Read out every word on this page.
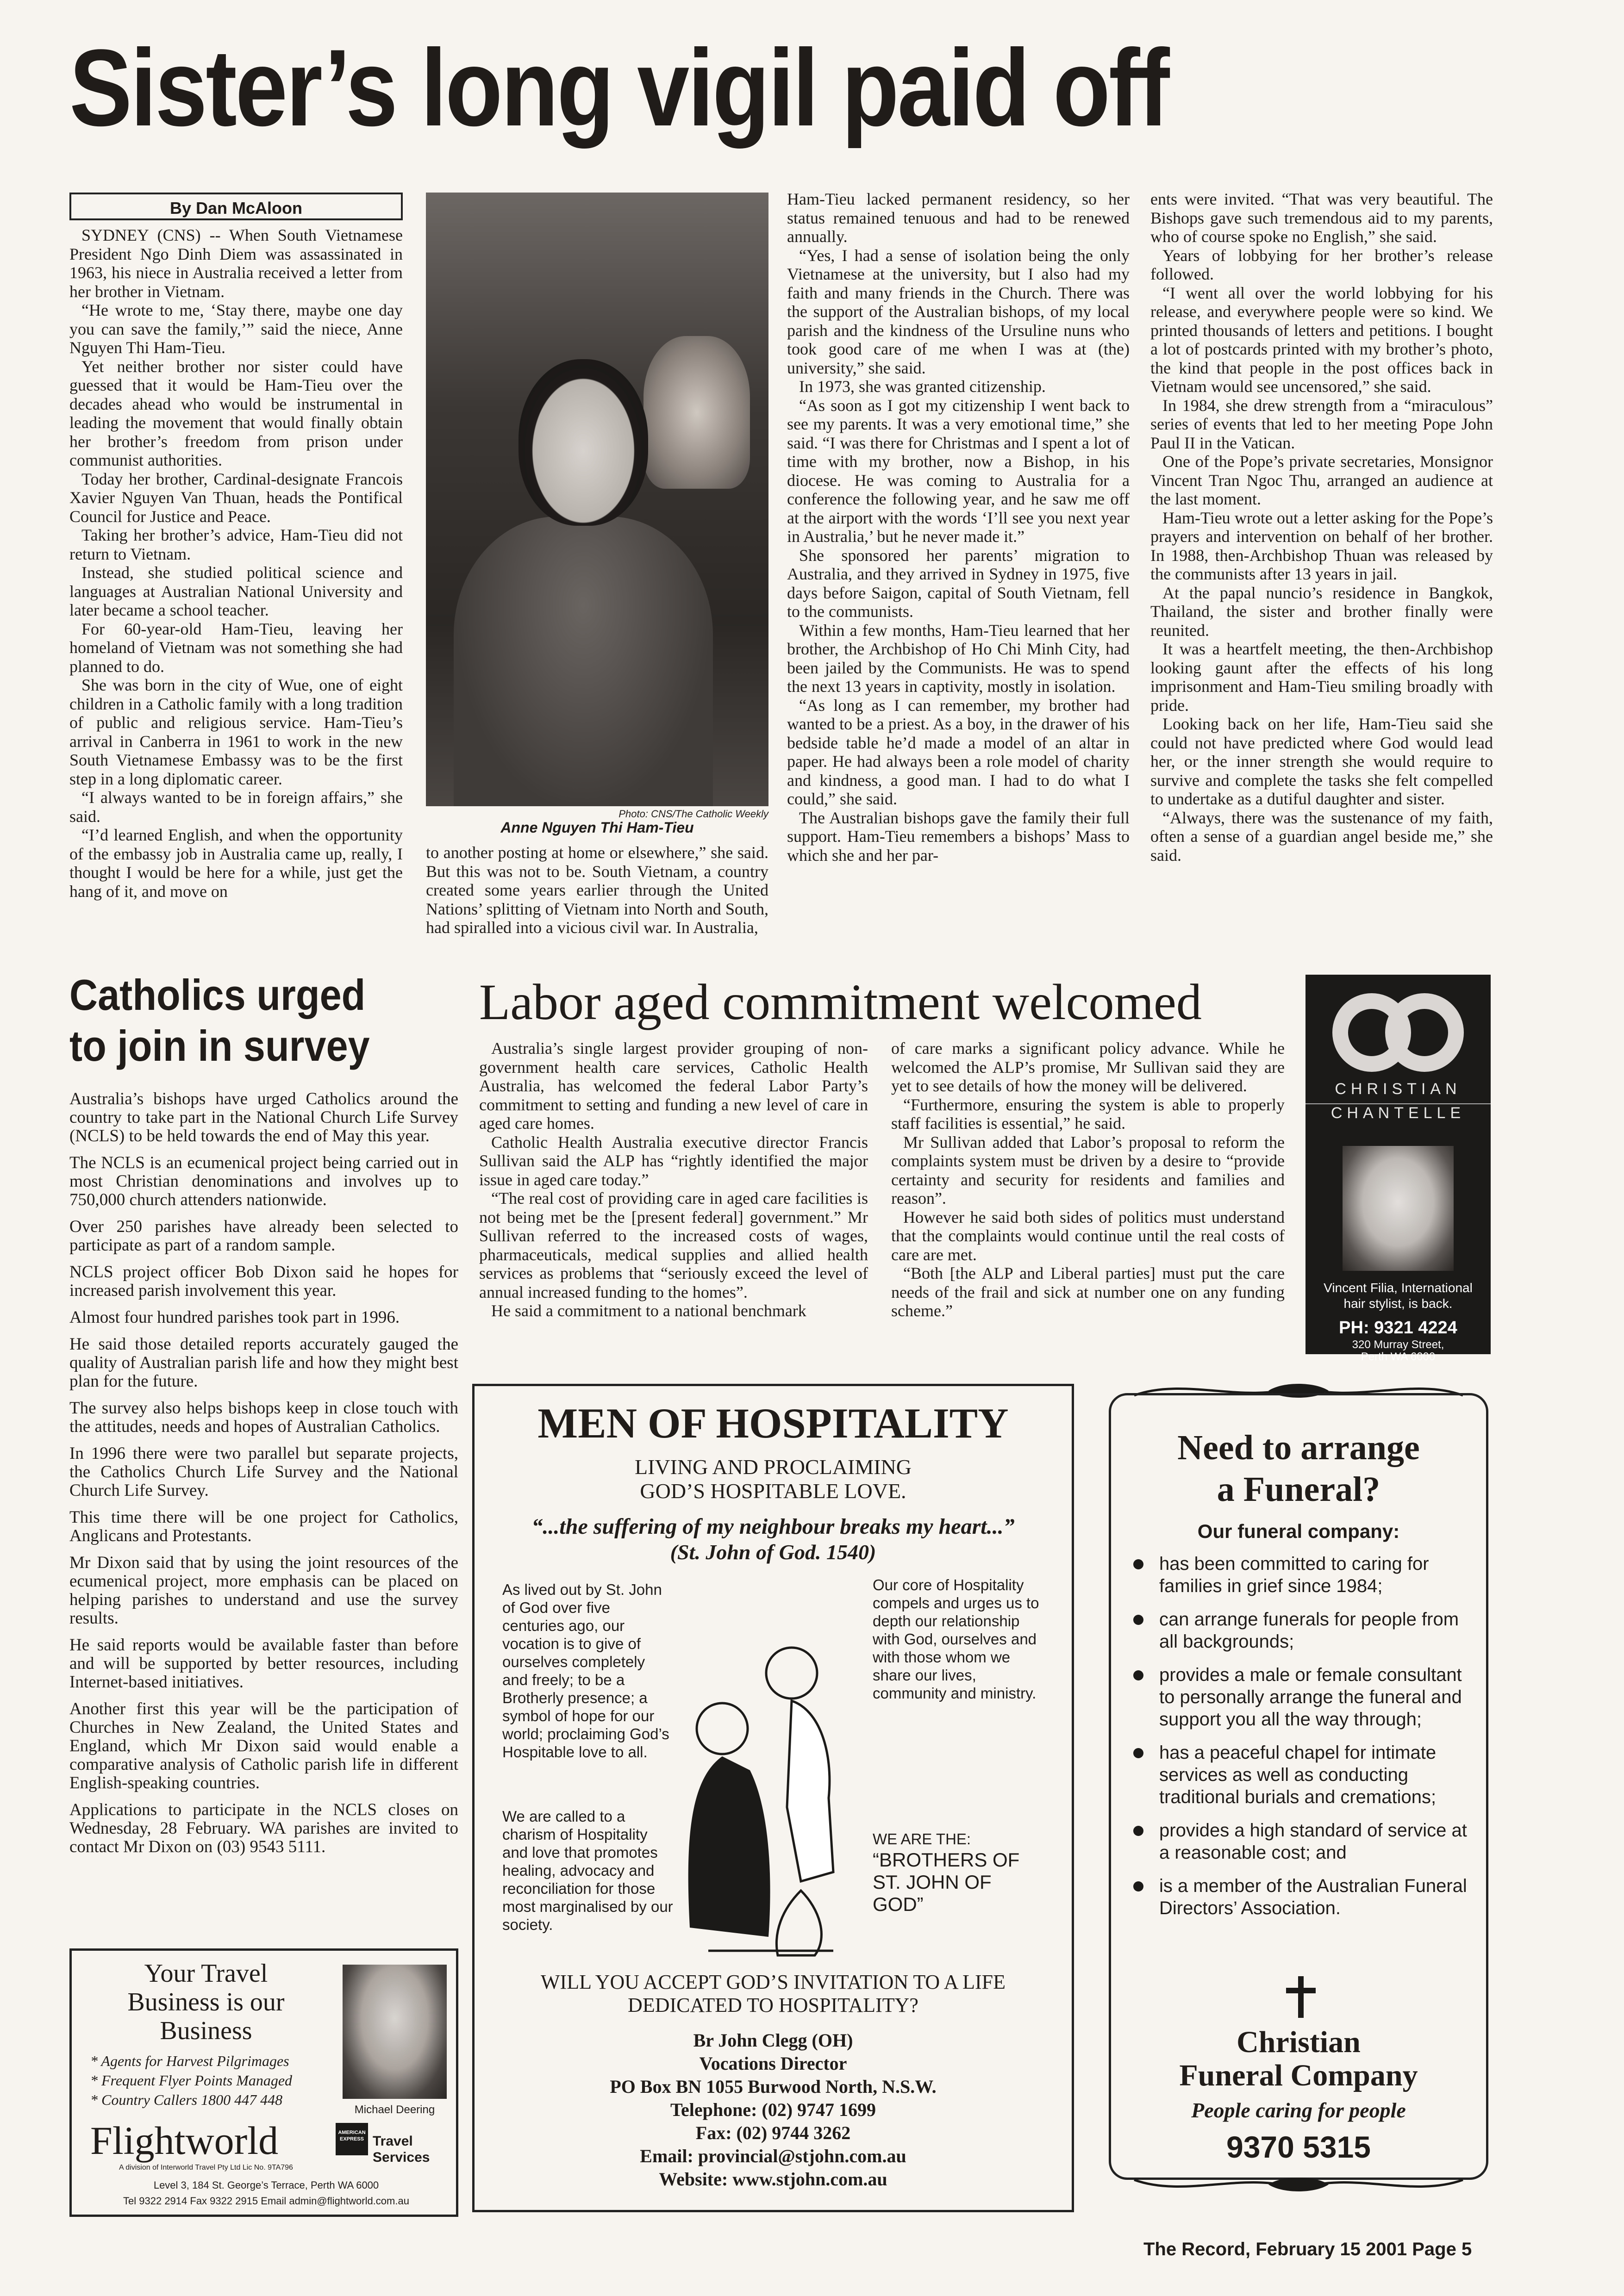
Sister’s long vigil paid off
By Dan McAloon

SYDNEY (CNS) -- When South Vietnamese President Ngo Dinh Diem was assassinated in 1963, his niece in Australia received a letter from her brother in Vietnam.

“He wrote to me, ‘Stay there, maybe one day you can save the family,’” said the niece, Anne Nguyen Thi Ham-Tieu.

Yet neither brother nor sister could have guessed that it would be Ham-Tieu over the decades ahead who would be instrumental in leading the movement that would finally obtain her brother’s freedom from prison under communist authorities.

Today her brother, Cardinal-designate Francois Xavier Nguyen Van Thuan, heads the Pontifical Council for Justice and Peace.

Taking her brother’s advice, Ham-Tieu did not return to Vietnam.

Instead, she studied political science and languages at Australian National University and later became a school teacher.

For 60-year-old Ham-Tieu, leaving her homeland of Vietnam was not something she had planned to do.

She was born in the city of Wue, one of eight children in a Catholic family with a long tradition of public and religious service. Ham-Tieu’s arrival in Canberra in 1961 to work in the new South Vietnamese Embassy was to be the first step in a long diplomatic career.

“I always wanted to be in foreign affairs,” she said.

“I’d learned English, and when the opportunity of the embassy job in Australia came up, really, I thought I would be here for a while, just get the hang of it, and move on

Photo: CNS/The Catholic Weekly
Anne Nguyen Thi Ham-Tieu

to another posting at home or elsewhere,” she said. But this was not to be. South Vietnam, a country created some years earlier through the United Nations’ splitting of Vietnam into North and South, had spiralled into a vicious civil war. In Australia,

Ham-Tieu lacked permanent residency, so her status remained tenuous and had to be renewed annually.

“Yes, I had a sense of isolation being the only Vietnamese at the university, but I also had my faith and many friends in the Church. There was the support of the Australian bishops, of my local parish and the kindness of the Ursuline nuns who took good care of me when I was at (the) university,” she said.

In 1973, she was granted citizenship.

“As soon as I got my citizenship I went back to see my parents. It was a very emotional time,” she said. “I was there for Christmas and I spent a lot of time with my brother, now a Bishop, in his diocese. He was coming to Australia for a conference the following year, and he saw me off at the airport with the words ‘I’ll see you next year in Australia,’ but he never made it.”

She sponsored her parents’ migration to Australia, and they arrived in Sydney in 1975, five days before Saigon, capital of South Vietnam, fell to the communists.

Within a few months, Ham-Tieu learned that her brother, the Archbishop of Ho Chi Minh City, had been jailed by the Communists. He was to spend the next 13 years in captivity, mostly in isolation.

“As long as I can remember, my brother had wanted to be a priest. As a boy, in the drawer of his bedside table he’d made a model of an altar in paper. He had always been a role model of charity and kindness, a good man. I had to do what I could,” she said.

The Australian bishops gave the family their full support. Ham-Tieu remembers a bishops’ Mass to which she and her par-

ents were invited. “That was very beautiful. The Bishops gave such tremendous aid to my parents, who of course spoke no English,” she said.

Years of lobbying for her brother’s release followed.

“I went all over the world lobbying for his release, and everywhere people were so kind. We printed thousands of letters and petitions. I bought a lot of postcards printed with my brother’s photo, the kind that people in the post offices back in Vietnam would see uncensored,” she said.

In 1984, she drew strength from a “miraculous” series of events that led to her meeting Pope John Paul II in the Vatican.

One of the Pope’s private secretaries, Monsignor Vincent Tran Ngoc Thu, arranged an audience at the last moment.

Ham-Tieu wrote out a letter asking for the Pope’s prayers and intervention on behalf of her brother. In 1988, then-Archbishop Thuan was released by the communists after 13 years in jail.

At the papal nuncio’s residence in Bangkok, Thailand, the sister and brother finally were reunited.

It was a heartfelt meeting, the then-Archbishop looking gaunt after the effects of his long imprisonment and Ham-Tieu smiling broadly with pride.

Looking back on her life, Ham-Tieu said she could not have predicted where God would lead her, or the inner strength she would require to survive and complete the tasks she felt compelled to undertake as a dutiful daughter and sister.

“Always, there was the sustenance of my faith, often a sense of a guardian angel beside me,” she said.

Catholics urged
to join in survey

Australia’s bishops have urged Catholics around the country to take part in the National Church Life Survey (NCLS) to be held towards the end of May this year.

The NCLS is an ecumenical project being carried out in most Christian denominations and involves up to 750,000 church attenders nationwide.

Over 250 parishes have already been selected to participate as part of a random sample.

NCLS project officer Bob Dixon said he hopes for increased parish involvement this year.

Almost four hundred parishes took part in 1996.

He said those detailed reports accurately gauged the quality of Australian parish life and how they might best plan for the future.

The survey also helps bishops keep in close touch with the attitudes, needs and hopes of Australian Catholics.

In 1996 there were two parallel but separate projects, the Catholics Church Life Survey and the National Church Life Survey.

This time there will be one project for Catholics, Anglicans and Protestants.

Mr Dixon said that by using the joint resources of the ecumenical project, more emphasis can be placed on helping parishes to understand and use the survey results.

He said reports would be available faster than before and will be supported by better resources, including Internet-based initiatives.

Another first this year will be the participation of Churches in New Zealand, the United States and England, which Mr Dixon said would enable a comparative analysis of Catholic parish life in different English-speaking countries.

Applications to participate in the NCLS closes on Wednesday, 28 February. WA parishes are invited to contact Mr Dixon on (03) 9543 5111.

Labor aged commitment welcomed

Australia’s single largest provider grouping of non-government health care services, Catholic Health Australia, has welcomed the federal Labor Party’s commitment to setting and funding a new level of care in aged care homes.

Catholic Health Australia executive director Francis Sullivan said the ALP has “rightly identified the major issue in aged care today.”

“The real cost of providing care in aged care facilities is not being met be the [present federal] government.” Mr Sullivan referred to the increased costs of wages, pharmaceuticals, medical supplies and allied health services as problems that “seriously exceed the level of annual increased funding to the homes”.

He said a commitment to a national benchmark

of care marks a significant policy advance. While he welcomed the ALP’s promise, Mr Sullivan said they are yet to see details of how the money will be delivered.

“Furthermore, ensuring the system is able to properly staff facilities is essential,” he said.

Mr Sullivan added that Labor’s proposal to reform the complaints system must be driven by a desire to “provide certainty and security for residents and families and reason”.

However he said both sides of politics must understand that the complaints would continue until the real costs of care are met.

“Both [the ALP and Liberal parties] must put the care needs of the frail and sick at number one on any funding scheme.”

CHRISTIAN
CHANTELLE
Vincent Filia, International hair stylist, is back.
PH: 9321 4224
320 Murray Street,
Perth WA 6000
MEN OF HOSPITALITY
LIVING AND PROCLAIMING
GOD’S HOSPITABLE LOVE.
“...the suffering of my neighbour breaks my heart...”
(St. John of God. 1540)
As lived out by St. John of God over five centuries ago, our vocation is to give of ourselves completely and freely; to be a Brotherly presence; a symbol of hope for our world; proclaiming God’s Hospitable love to all.
We are called to a charism of Hospitality and love that promotes healing, advocacy and reconciliation for those most marginalised by our society.
Our core of Hospitality compels and urges us to depth our relationship with God, ourselves and with those whom we share our lives, community and ministry.
WE ARE THE:
“BROTHERS OF ST. JOHN OF GOD”
WILL YOU ACCEPT GOD’S INVITATION TO A LIFE
DEDICATED TO HOSPITALITY?
Br John Clegg (OH)
Vocations Director
PO Box BN 1055 Burwood North, N.S.W.
Telephone: (02) 9747 1699
Fax: (02) 9744 3262
Email: provincial@stjohn.com.au
Website: www.stjohn.com.au
Need to arrange
a Funeral?
Our funeral company:
has been committed to caring for families in grief since 1984;
can arrange funerals for people from all backgrounds;
provides a male or female consultant to personally arrange the funeral and support you all the way through;
has a peaceful chapel for intimate services as well as conducting traditional burials and cremations;
provides a high standard of service at a reasonable cost; and
is a member of the Australian Funeral Directors’ Association.
Christian
Funeral Company
People caring for people
9370 5315
Your Travel
Business is our
Business
* Agents for Harvest Pilgrimages
* Frequent Flyer Points Managed
* Country Callers 1800 447 448
Michael Deering
Flightworld	AMERICAN EXPRESS Travel
Services
A division of Interworld Travel Pty Ltd Lic No. 9TA796
Level 3, 184 St. George’s Terrace, Perth WA 6000
Tel 9322 2914 Fax 9322 2915 Email admin@flightworld.com.au
The Record, February 15 2001 Page 5
